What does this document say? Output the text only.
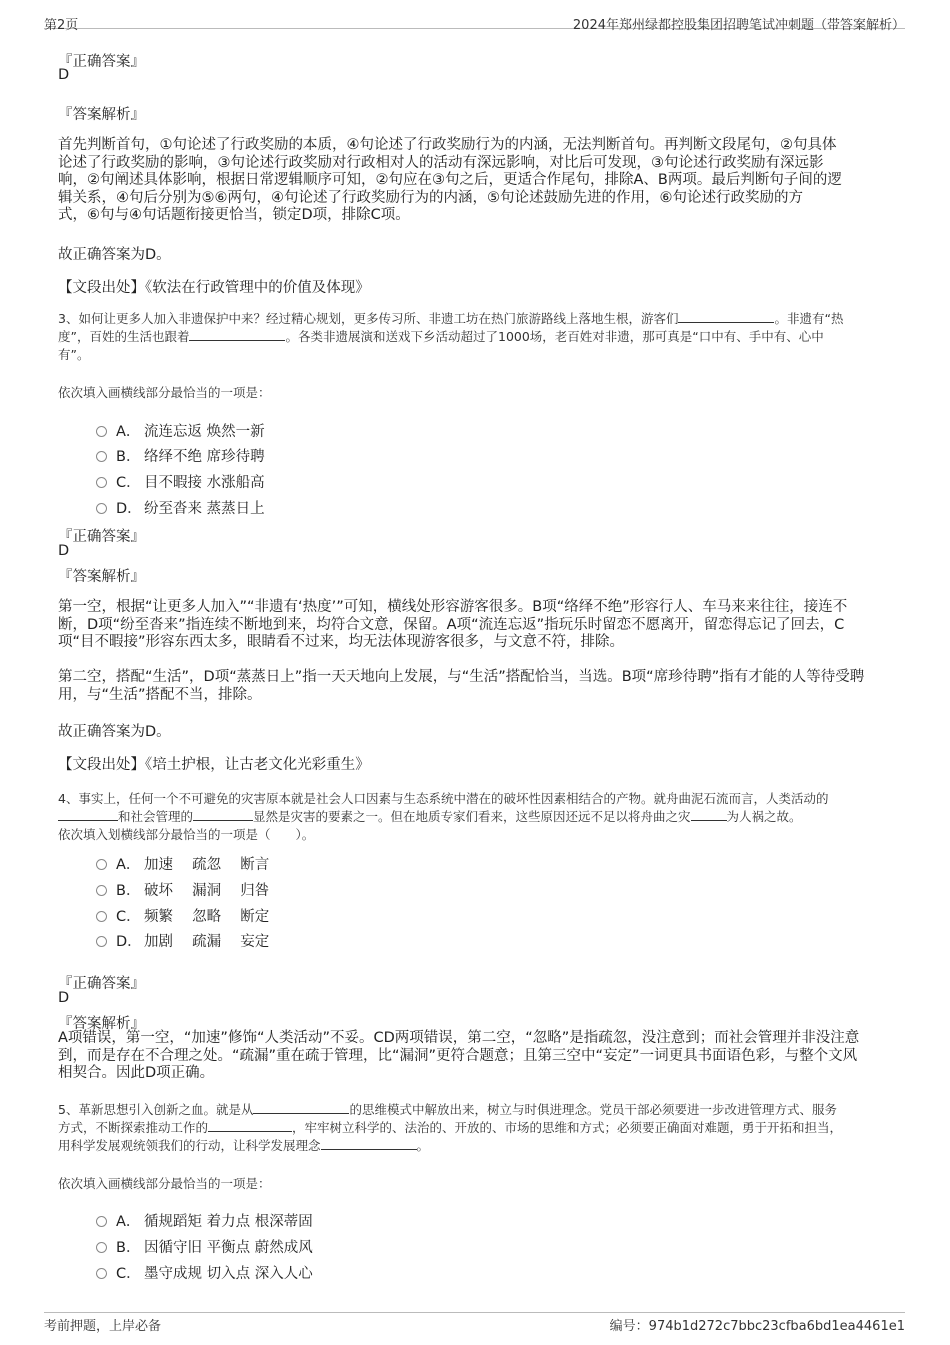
第2页	2024年郑州绿都控股集团招聘笔试冲刺题（带答案解析）
『正确答案』
D
『答案解析』
首先判断首句，①句论述了行政奖励的本质，④句论述了行政奖励行为的内涵，无法判断首句。再判断文段尾句，②句具体
论述了行政奖励的影响，③句论述行政奖励对行政相对人的活动有深远影响，对比后可发现，③句论述行政奖励有深远影
响，②句阐述具体影响，根据日常逻辑顺序可知，②句应在③句之后，更适合作尾句，排除A、B两项。最后判断句子间的逻
辑关系，④句后分别为⑤⑥两句，④句论述了行政奖励行为的内涵，⑤句论述鼓励先进的作用，⑥句论述行政奖励的方
式，⑥句与④句话题衔接更恰当，锁定D项，排除C项。
故正确答案为D。
【文段出处】《软法在行政管理中的价值及体现》
3、如何让更多人加入非遗保护中来？经过精心规划，更多传习所、非遗工坊在热门旅游路线上落地生根，游客们	。非遗有“热
度”，百姓的生活也跟着	。各类非遗展演和送戏下乡活动超过了1000场，老百姓对非遗，那可真是“口中有、手中有、心中
有”。
依次填入画横线部分最恰当的一项是：
A． 流连忘返 焕然一新
B． 络绎不绝 席珍待聘
C． 目不暇接 水涨船高
D． 纷至沓来 蒸蒸日上
『正确答案』
D
『答案解析』
第一空，根据“让更多人加入”“非遗有‘热度’”可知，横线处形容游客很多。B项“络绎不绝”形容行人、车马来来往往，接连不
断，D项“纷至沓来”指连续不断地到来，均符合文意，保留。A项“流连忘返”指玩乐时留恋不愿离开，留恋得忘记了回去，C
项“目不暇接”形容东西太多，眼睛看不过来，均无法体现游客很多，与文意不符，排除。
第二空，搭配“生活”，D项“蒸蒸日上”指一天天地向上发展，与“生活”搭配恰当，当选。B项“席珍待聘”指有才能的人等待受聘
用，与“生活”搭配不当，排除。
故正确答案为D。
【文段出处】《培土护根，让古老文化光彩重生》
4、事实上，任何一个不可避免的灾害原本就是社会人口因素与生态系统中潜在的破坏性因素相结合的产物。就舟曲泥石流而言，人类活动的
和社会管理的	显然是灾害的要素之一。但在地质专家们看来，这些原因还远不足以将舟曲之灾	为人祸之故。
依次填入划横线部分最恰当的一项是（　　）。
A． 加速　 疏忽　 断言
B． 破坏　 漏洞　 归咎
C． 频繁　 忽略　 断定
D． 加剧　 疏漏　 妄定
『正确答案』
D
『答案解析』
A项错误，第一空，“加速”修饰“人类活动”不妥。CD两项错误，第二空，“忽略”是指疏忽，没注意到；而社会管理并非没注意
到，而是存在不合理之处。“疏漏”重在疏于管理，比“漏洞”更符合题意；且第三空中“妄定”一词更具书面语色彩，与整个文风
相契合。因此D项正确。
5、革新思想引入创新之血。就是从	的思维模式中解放出来，树立与时俱进理念。党员干部必须要进一步改进管理方式、服务
方式，不断探索推动工作的	，牢牢树立科学的、法治的、开放的、市场的思维和方式；必须要正确面对难题，勇于开拓和担当，
用科学发展观统领我们的行动，让科学发展理念	。
依次填入画横线部分最恰当的一项是：
A． 循规蹈矩 着力点 根深蒂固
B． 因循守旧 平衡点 蔚然成风
C． 墨守成规 切入点 深入人心
考前押题，上岸必备	编号：974b1d272c7bbc23cfba6bd1ea4461e1
